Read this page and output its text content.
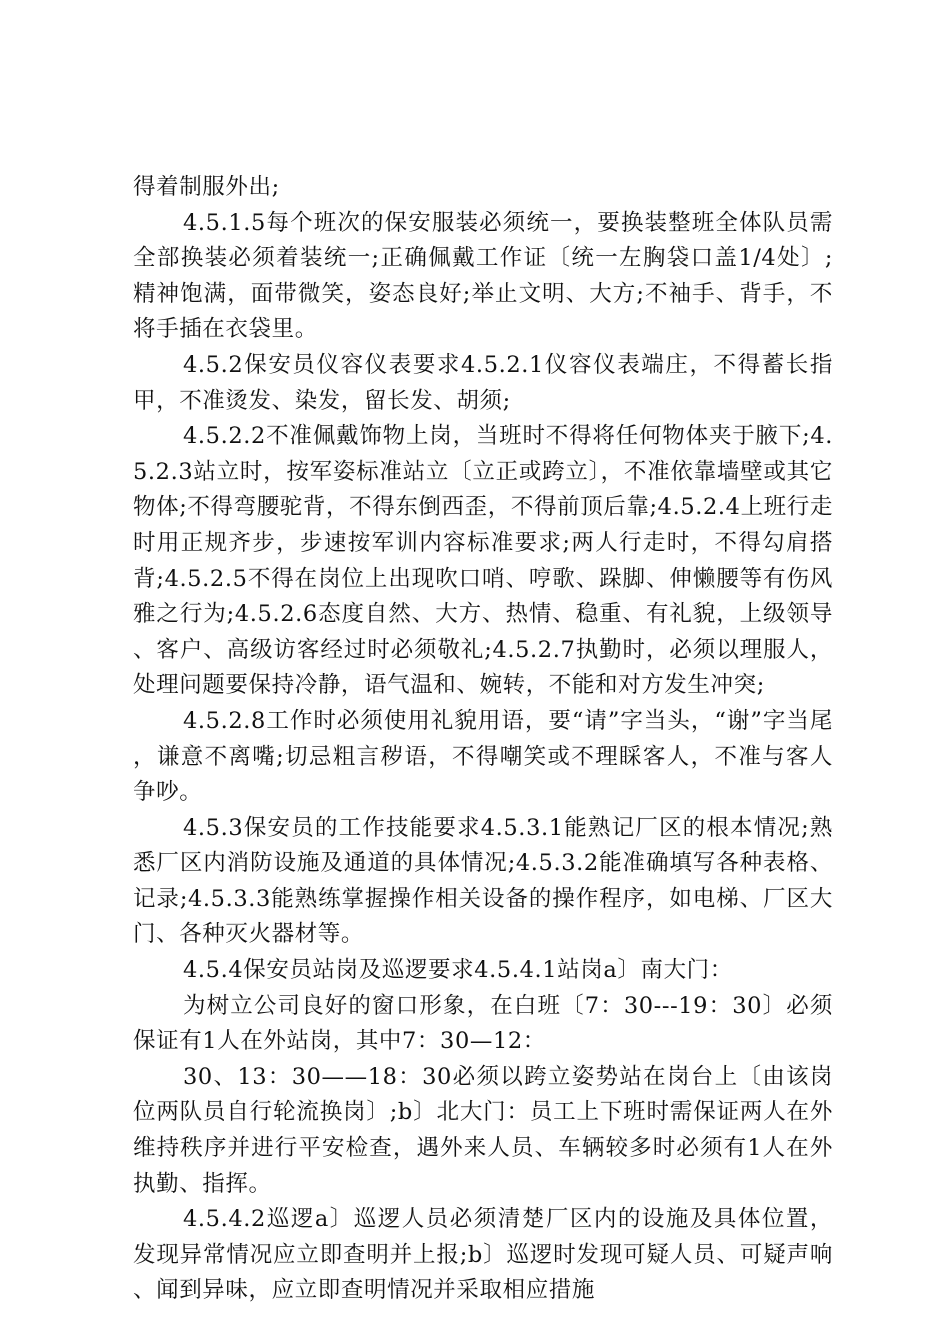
得着制服外出;

4.5.1.5每个班次的保安服装必须统一，要换装整班全体队员需全部换装必须着装统一;正确佩戴工作证〔统一左胸袋口盖1/4处〕;精神饱满，面带微笑，姿态良好;举止文明、大方;不袖手、背手，不将手插在衣袋里。

4.5.2保安员仪容仪表要求4.5.2.1仪容仪表端庄，不得蓄长指甲，不准烫发、染发，留长发、胡须;

4.5.2.2不准佩戴饰物上岗，当班时不得将任何物体夹于腋下;4.5.2.3站立时，按军姿标准站立〔立正或跨立〕，不准依靠墙壁或其它物体;不得弯腰驼背，不得东倒西歪，不得前顶后靠;4.5.2.4上班行走时用正规齐步，步速按军训内容标准要求;两人行走时，不得勾肩搭背;4.5.2.5不得在岗位上出现吹口哨、哼歌、跺脚、伸懒腰等有伤风雅之行为;4.5.2.6态度自然、大方、热情、稳重、有礼貌，上级领导、客户、高级访客经过时必须敬礼;4.5.2.7执勤时，必须以理服人，处理问题要保持冷静，语气温和、婉转，不能和对方发生冲突;

4.5.2.8工作时必须使用礼貌用语，要“请”字当头，“谢”字当尾，谦意不离嘴;切忌粗言秽语，不得嘲笑或不理睬客人，不准与客人争吵。

4.5.3保安员的工作技能要求4.5.3.1能熟记厂区的根本情况;熟悉厂区内消防设施及通道的具体情况;4.5.3.2能准确填写各种表格、记录;4.5.3.3能熟练掌握操作相关设备的操作程序，如电梯、厂区大门、各种灭火器材等。

4.5.4保安员站岗及巡逻要求4.5.4.1站岗a〕南大门：

为树立公司良好的窗口形象，在白班〔7：30---19：30〕必须保证有1人在外站岗，其中7：30—12：

30、13：30——18：30必须以跨立姿势站在岗台上〔由该岗位两队员自行轮流换岗〕;b〕北大门：员工上下班时需保证两人在外维持秩序并进行平安检查，遇外来人员、车辆较多时必须有1人在外执勤、指挥。

4.5.4.2巡逻a〕巡逻人员必须清楚厂区内的设施及具体位置，发现异常情况应立即查明并上报;b〕巡逻时发现可疑人员、可疑声响、闻到异味，应立即查明情况并采取相应措施
